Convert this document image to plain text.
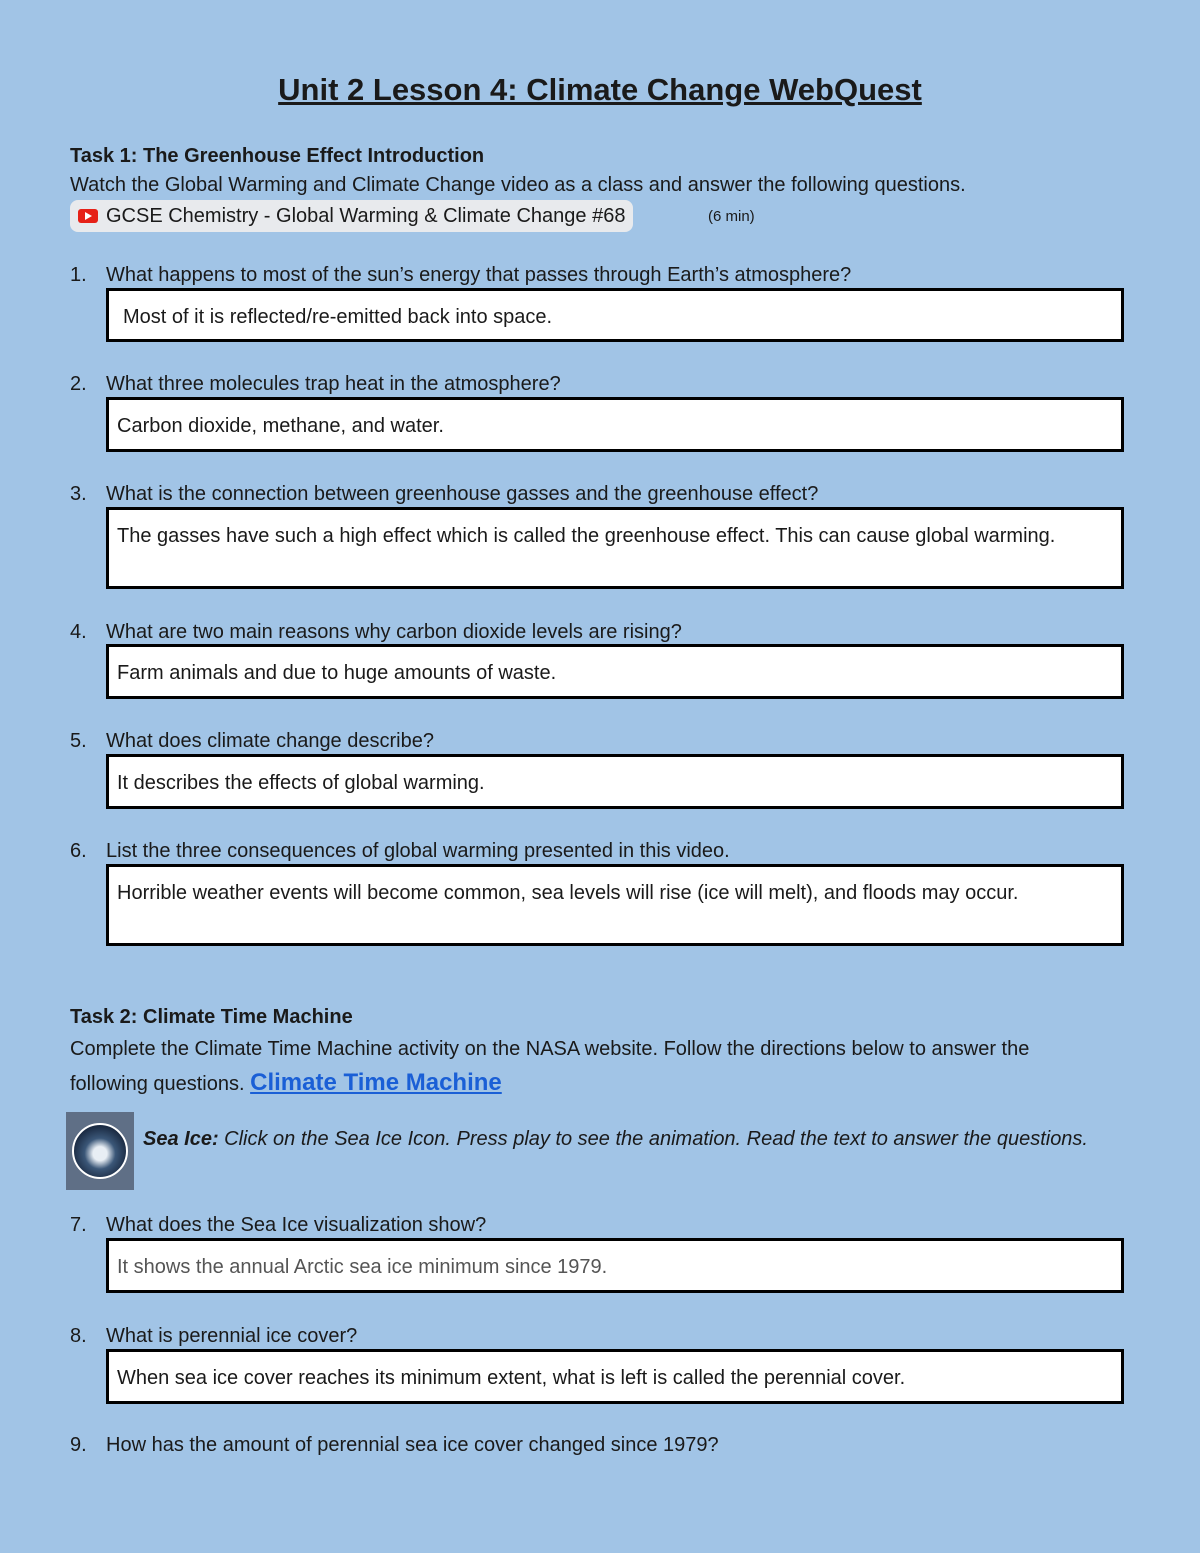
Unit 2 Lesson 4: Climate Change WebQuest
Task 1: The Greenhouse Effect Introduction
Watch the Global Warming and Climate Change video as a class and answer the following questions.
GCSE Chemistry - Global Warming & Climate Change #68	(6 min)
1. What happens to most of the sun’s energy that passes through Earth’s atmosphere?
Most of it is reflected/re-emitted back into space.
2. What three molecules trap heat in the atmosphere?
Carbon dioxide, methane, and water.
3. What is the connection between greenhouse gasses and the greenhouse effect?
The gasses have such a high effect which is called the greenhouse effect. This can cause global warming.
4. What are two main reasons why carbon dioxide levels are rising?
Farm animals and due to huge amounts of waste.
5. What does climate change describe?
It describes the effects of global warming.
6. List the three consequences of global warming presented in this video.
Horrible weather events will become common, sea levels will rise (ice will melt), and floods may occur.
Task 2: Climate Time Machine
Complete the Climate Time Machine activity on the NASA website. Follow the directions below to answer the following questions. Climate Time Machine
Sea Ice: Click on the Sea Ice Icon. Press play to see the animation. Read the text to answer the questions.
7. What does the Sea Ice visualization show?
It shows the annual Arctic sea ice minimum since 1979.
8. What is perennial ice cover?
When sea ice cover reaches its minimum extent, what is left is called the perennial cover.
9. How has the amount of perennial sea ice cover changed since 1979?
